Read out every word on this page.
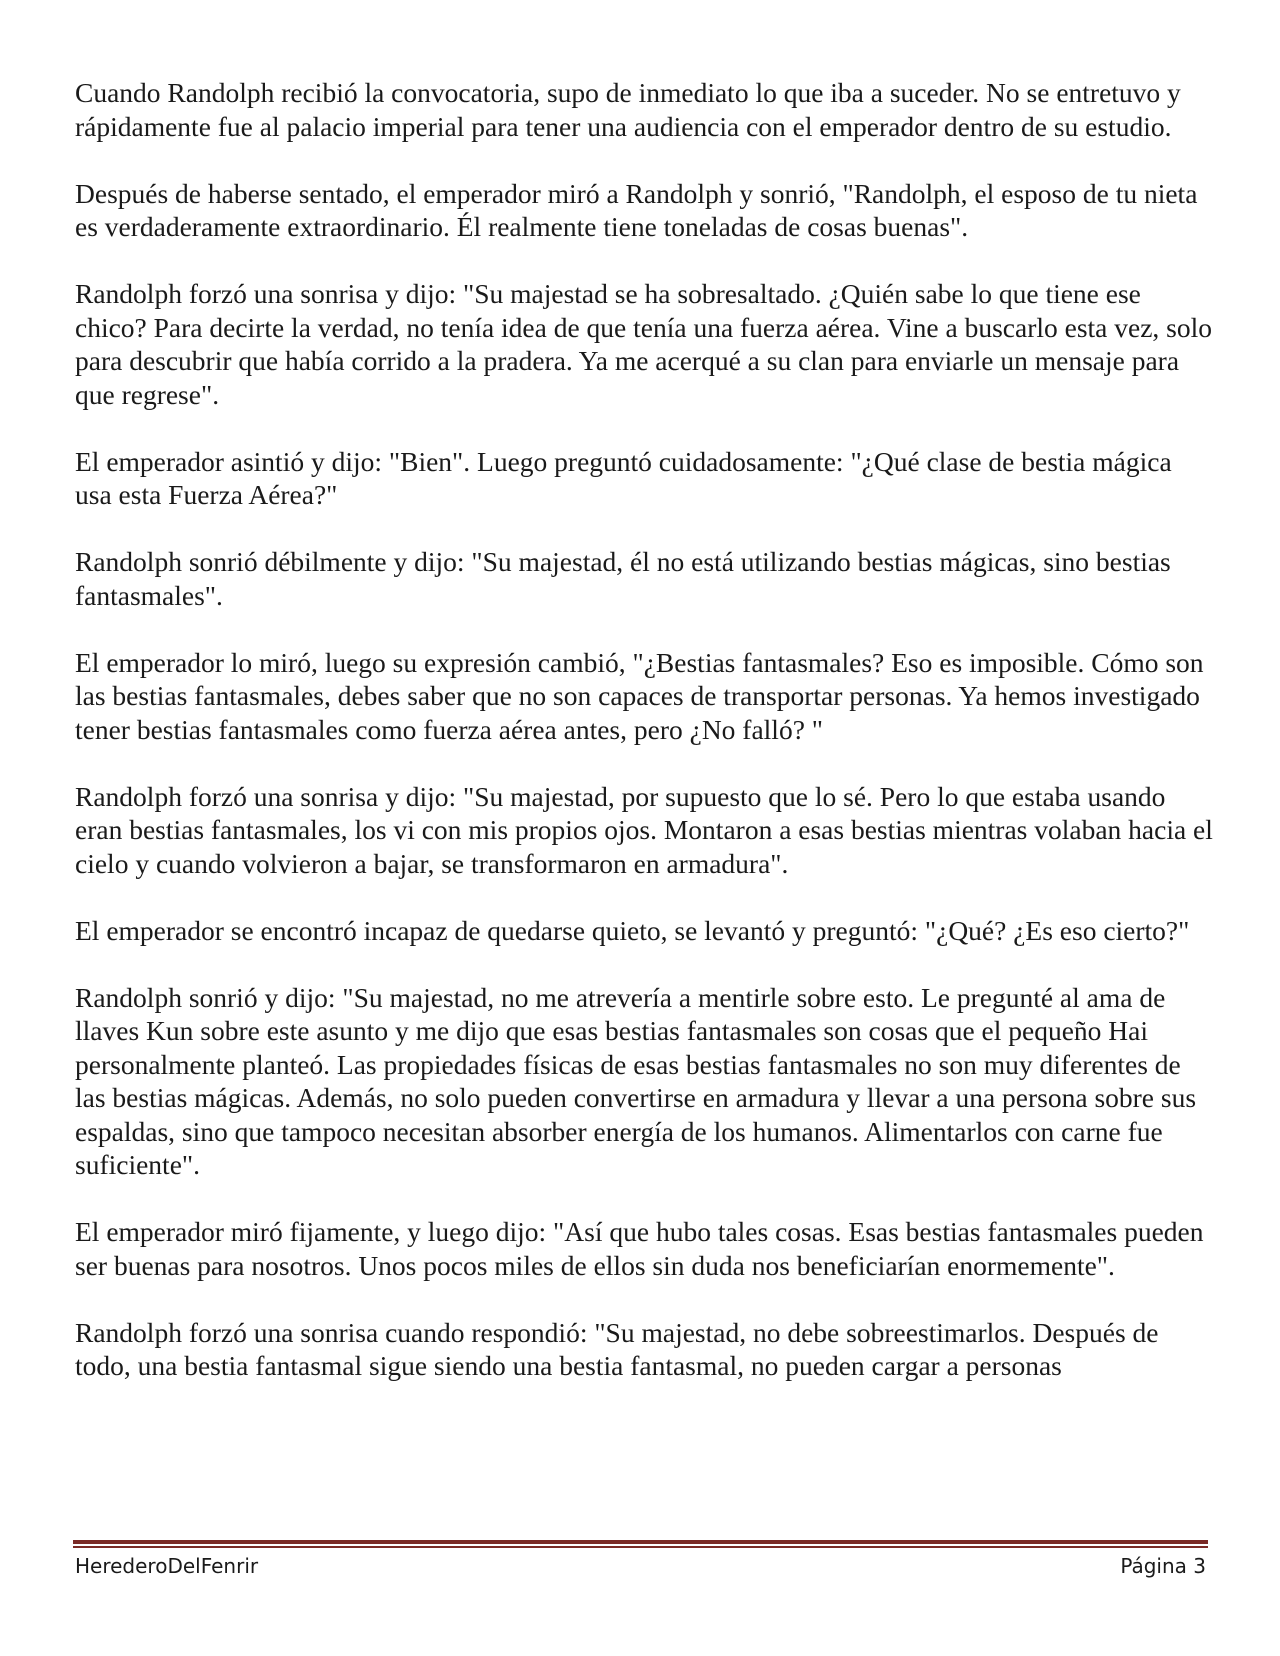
Cuando Randolph recibió la convocatoria, supo de inmediato lo que iba a suceder. No se entretuvo y rápidamente fue al palacio imperial para tener una audiencia con el emperador dentro de su estudio.

Después de haberse sentado, el emperador miró a Randolph y sonrió, "Randolph, el esposo de tu nieta es verdaderamente extraordinario. Él realmente tiene toneladas de cosas buenas".

Randolph forzó una sonrisa y dijo: "Su majestad se ha sobresaltado. ¿Quién sabe lo que tiene ese chico? Para decirte la verdad, no tenía idea de que tenía una fuerza aérea. Vine a buscarlo esta vez, solo para descubrir que había corrido a la pradera. Ya me acerqué a su clan para enviarle un mensaje para que regrese".

El emperador asintió y dijo: "Bien". Luego preguntó cuidadosamente: "¿Qué clase de bestia mágica usa esta Fuerza Aérea?"

Randolph sonrió débilmente y dijo: "Su majestad, él no está utilizando bestias mágicas, sino bestias fantasmales".

El emperador lo miró, luego su expresión cambió, "¿Bestias fantasmales? Eso es imposible. Cómo son las bestias fantasmales, debes saber que no son capaces de transportar personas. Ya hemos investigado tener bestias fantasmales como fuerza aérea antes, pero ¿No falló? "

Randolph forzó una sonrisa y dijo: "Su majestad, por supuesto que lo sé. Pero lo que estaba usando eran bestias fantasmales, los vi con mis propios ojos. Montaron a esas bestias mientras volaban hacia el cielo y cuando volvieron a bajar, se transformaron en armadura".

El emperador se encontró incapaz de quedarse quieto, se levantó y preguntó: "¿Qué? ¿Es eso cierto?"

Randolph sonrió y dijo: "Su majestad, no me atrevería a mentirle sobre esto. Le pregunté al ama de llaves Kun sobre este asunto y me dijo que esas bestias fantasmales son cosas que el pequeño Hai personalmente planteó. Las propiedades físicas de esas bestias fantasmales no son muy diferentes de las bestias mágicas. Además, no solo pueden convertirse en armadura y llevar a una persona sobre sus espaldas, sino que tampoco necesitan absorber energía de los humanos. Alimentarlos con carne fue suficiente".

El emperador miró fijamente, y luego dijo: "Así que hubo tales cosas. Esas bestias fantasmales pueden ser buenas para nosotros. Unos pocos miles de ellos sin duda nos beneficiarían enormemente".

Randolph forzó una sonrisa cuando respondió: "Su majestad, no debe sobreestimarlos. Después de todo, una bestia fantasmal sigue siendo una bestia fantasmal, no pueden cargar a personas

HerederoDelFenrir	Página 3
